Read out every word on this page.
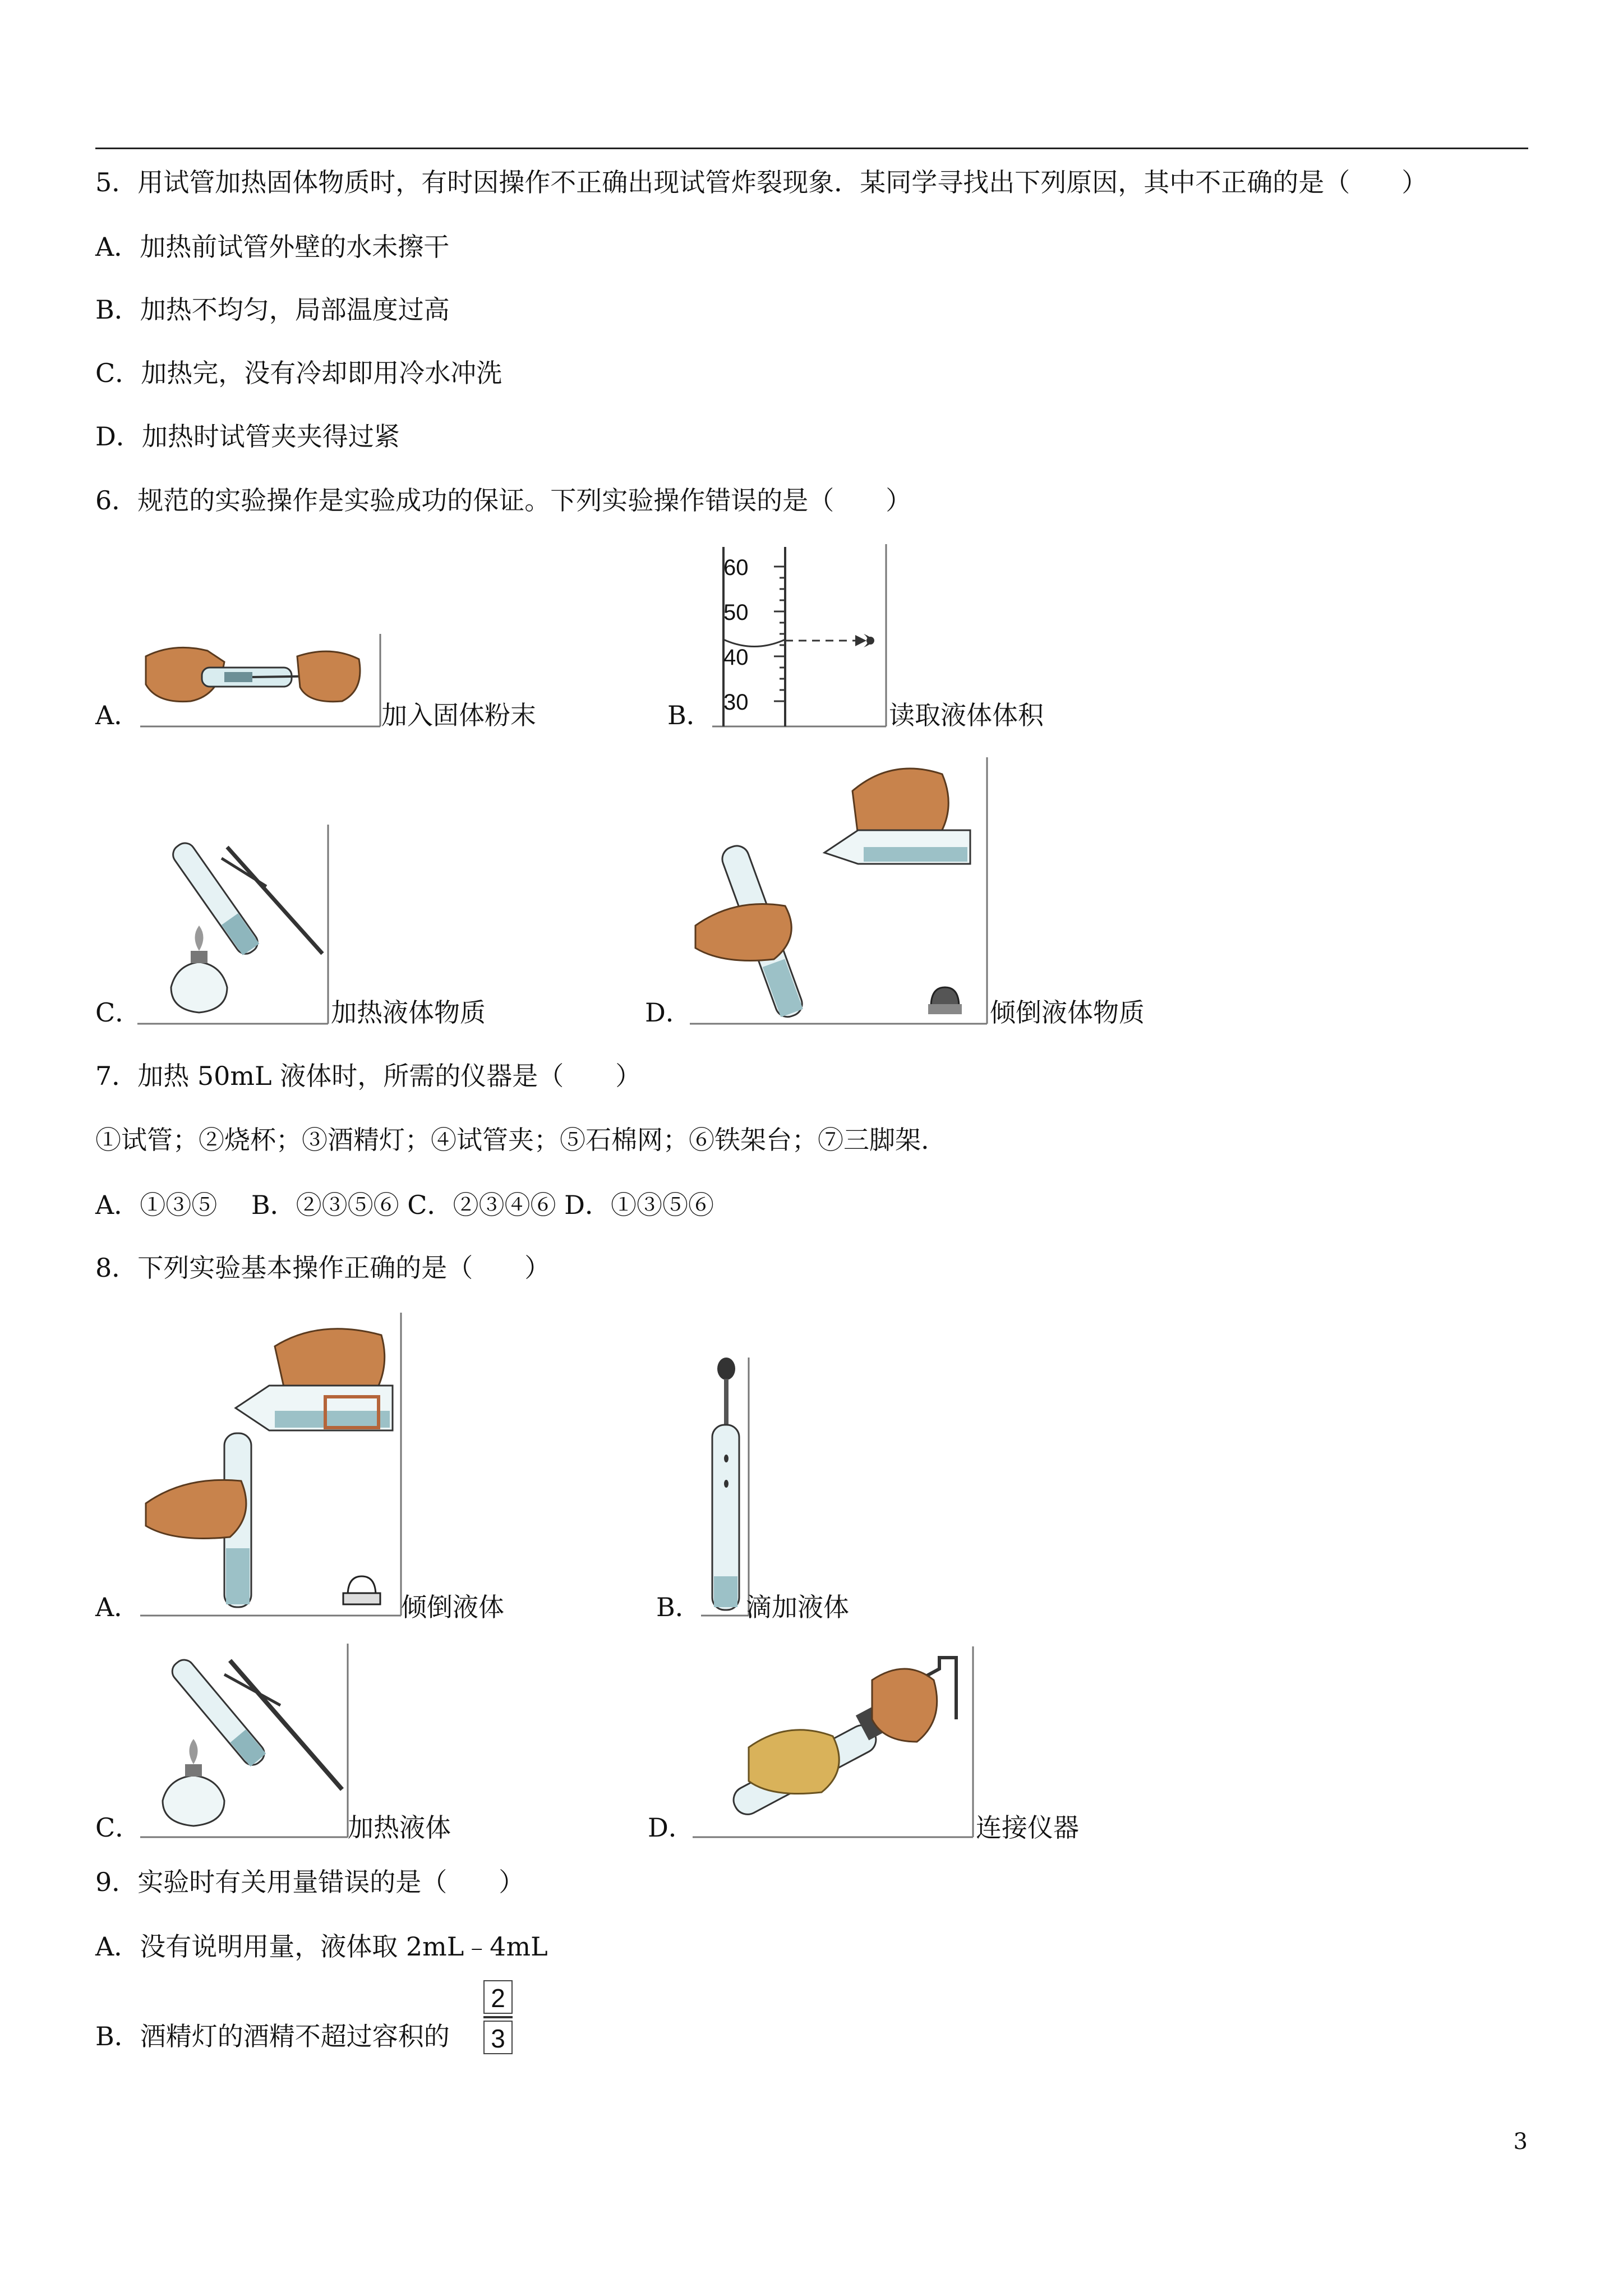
5．用试管加热固体物质时，有时因操作不正确出现试管炸裂现象．某同学寻找出下列原因，其中不正确的是（　　）
A．加热前试管外壁的水未擦干
B．加热不均匀，局部温度过高
C．加热完，没有冷却即用冷水冲洗
D．加热时试管夹夹得过紧
6．规范的实验操作是实验成功的保证。下列实验操作错误的是（　　）
A．	加入固体粉末	B．
60
50
40
30	读取液体体积
C．	加热液体物质	D．	倾倒液体物质
7．加热 50mL 液体时，所需的仪器是（　　）
①试管；②烧杯；③酒精灯；④试管夹；⑤石棉网；⑥铁架台；⑦三脚架.
A．①③⑤　 B．②③⑤⑥ C．②③④⑥ D．①③⑤⑥
8．下列实验基本操作正确的是（　　）
A．	倾倒液体	B． 滴加液体
C．	加热液体	D．	连接仪器
9．实验时有关用量错误的是（　　）
A．没有说明用量，液体取 2mL﹣4mL
B．酒精灯的酒精不超过容积的 $\frac{2}{3}$
3
